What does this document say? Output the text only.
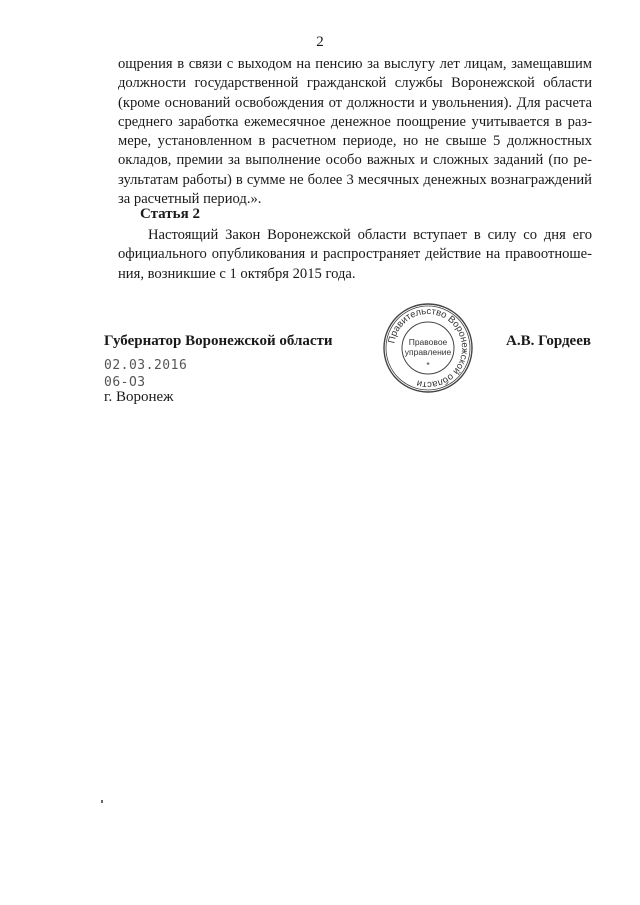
2
ощрения в связи с выходом на пенсию за выслугу лет лицам, замещавшим
должности государственной гражданской службы Воронежской области
(кроме оснований освобождения от должности и увольнения). Для расчета
среднего заработка ежемесячное денежное поощрение учитывается в раз-
мере, установленном в расчетном периоде, но не свыше 5 должностных
окладов, премии за выполнение особо важных и сложных заданий (по ре-
зультатам работы) в сумме не более 3 месячных денежных вознаграждений
за расчетный период.».
Статья 2
Настоящий Закон Воронежской области вступает в силу со дня его
официального опубликования и распространяет действие на правоотноше-
ния, возникшие с 1 октября 2015 года.
Губернатор Воронежской области	Правительство Воронежской области
Правовое
управление
*
А.В. Гордеев
02.03.2016
06-ОЗ
г. Воронеж
